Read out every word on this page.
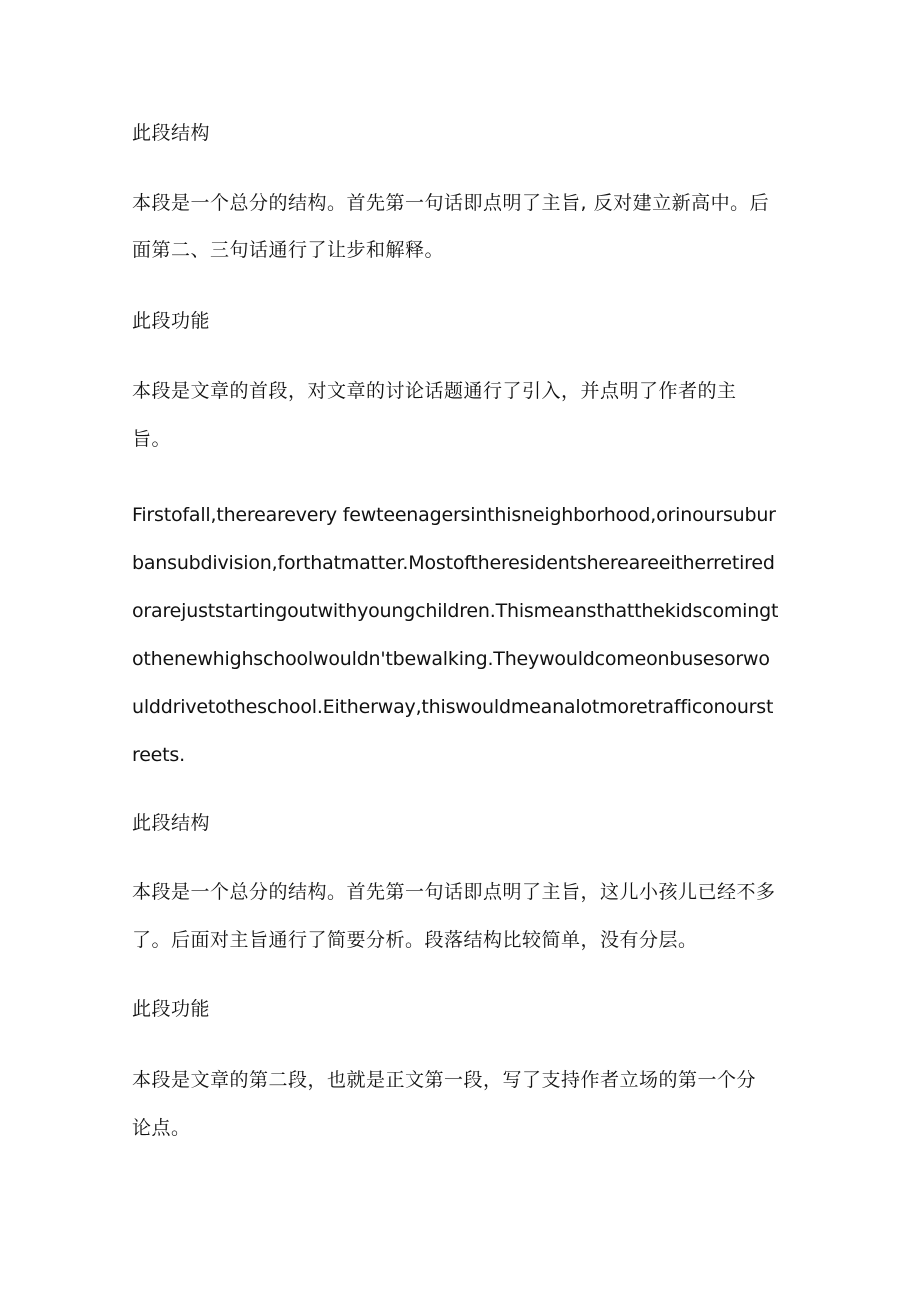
此段结构
本段是一个总分的结构。首先第一句话即点明了主旨, 反对建立新高中。后
面第二、三句话通行了让步和解释。
此段功能
本段是文章的首段，对文章的讨论话题通行了引入，并点明了作者的主
旨。
Firstofall,therearevery fewteenagersinthisneighborhood,orinoursubur
bansubdivision,forthatmatter.Mostoftheresidentshereareeitherretired
orarejuststartingoutwithyoungchildren.Thismeansthatthekidscomingt
othenewhighschoolwouldn'tbewalking.Theywouldcomeonbusesorwo
ulddrivetotheschool.Eitherway,thiswouldmeanalotmoretrafficonourst
reets.
此段结构
本段是一个总分的结构。首先第一句话即点明了主旨，这儿小孩儿已经不多
了。后面对主旨通行了简要分析。段落结构比较简单，没有分层。
此段功能
本段是文章的第二段，也就是正文第一段，写了支持作者立场的第一个分
论点。
